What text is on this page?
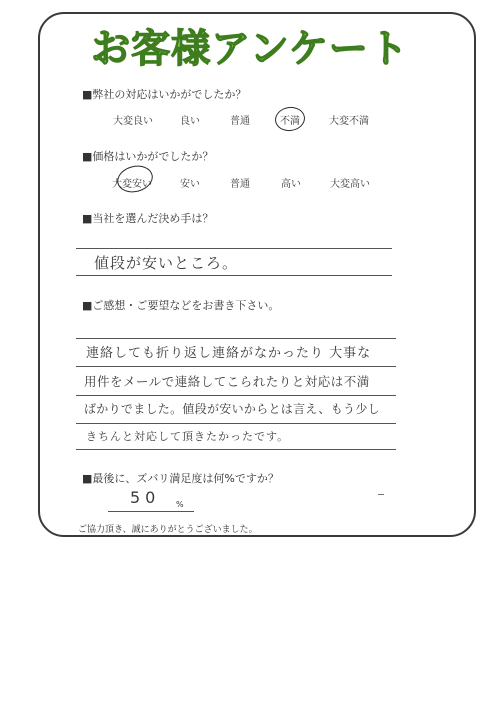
お客様アンケート
■弊社の対応はいかがでしたか？
大変良い	良い	普通	不満	大変不満
■価格はいかがでしたか？
大変安い	安い	普通	高い	大変高い
■当社を選んだ決め手は？
値段が安いところ。
■ご感想・ご要望などをお書き下さい。
連絡しても折り返し連絡がなかったり 大事な
用件をメールで連絡してこられたりと対応は不満
ばかりでました。値段が安いからとは言え、もう少し
きちんと対応して頂きたかったです。
■最後に、ズバリ満足度は何%ですか？
50 %
ご協力頂き、誠にありがとうございました。
